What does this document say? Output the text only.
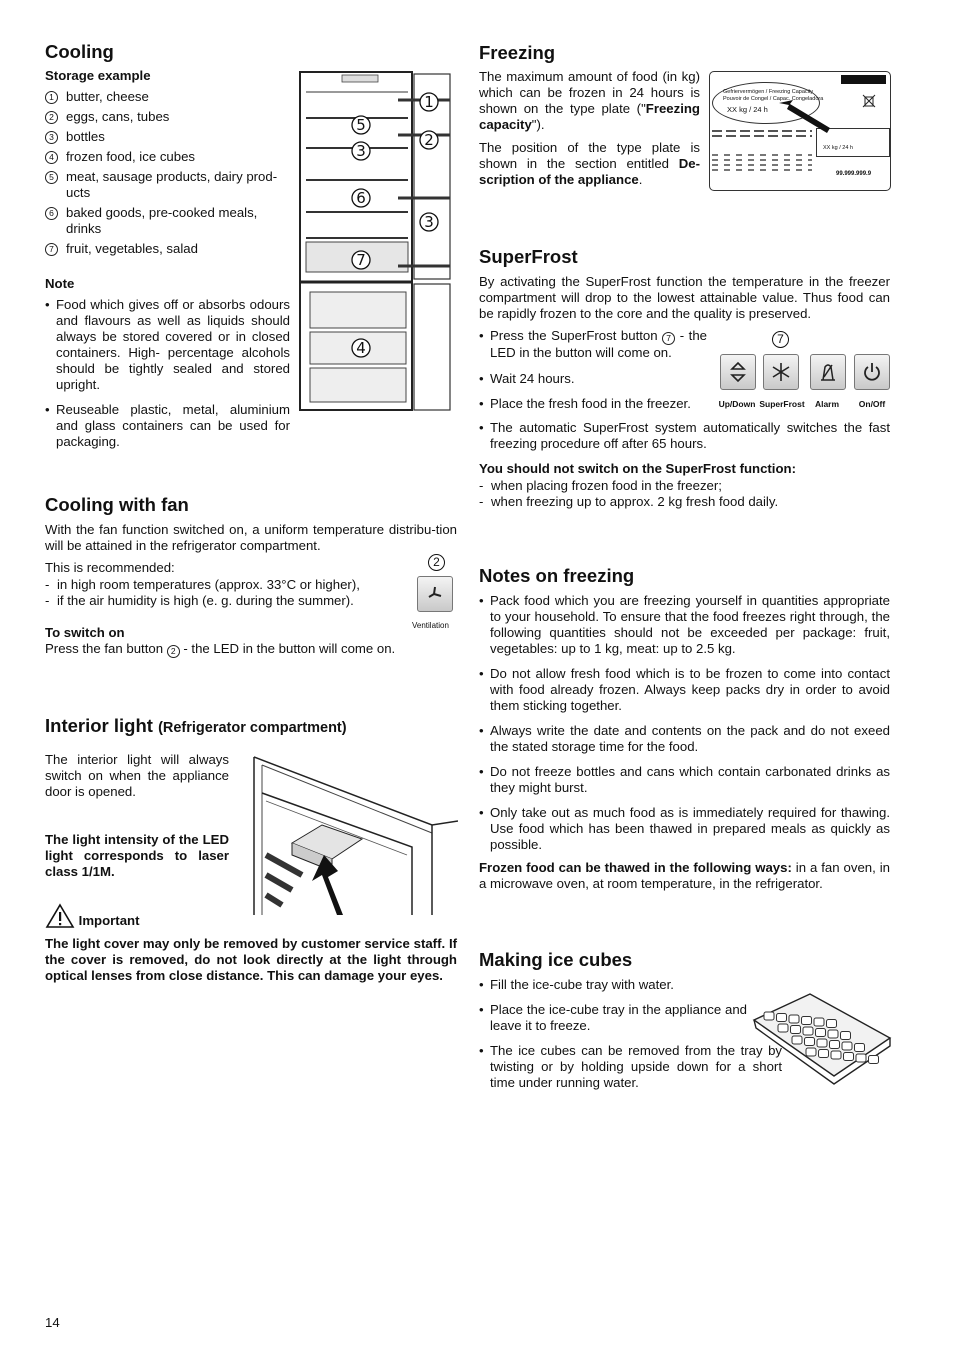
Cooling
Storage example
1 butter, cheese
2 eggs, cans, tubes
3 bottles
4 frozen food, ice cubes
5 meat, sausage products, dairy prod-ucts
6 baked goods, pre-cooked meals, drinks
7 fruit, vegetables, salad
Note
• Food which gives off or absorbs odours and flavours as well as liquids should always be stored covered or in closed containers. High- percentage alcohols should be tightly sealed and stored upright.
• Reuseable plastic, metal, aluminium and glass containers can be used for packaging.
1
5
2
3
6
3
7
4
Cooling with fan

With the fan function switched on, a uniform temperature distribu-tion will be attained in the refrigerator compartment.

This is recommended:

- in high room temperatures (approx. 33°C or higher),
- if the air humidity is high (e. g. during the summer).
To switch on

Press the fan button 2 - the LED in the button will come on.

2
Ventilation
Interior light (Refrigerator compartment)

The interior light will always switch on when the appliance door is opened.

The light intensity of the LED light corresponds to laser class 1/1M.

Important

The light cover may only be removed by customer service staff. If the cover is removed, do not look directly at the light through optical lenses from close distance. This can damage your eyes.

Freezing

The maximum amount of food (in kg) which can be frozen in 24 hours is shown on the type plate ("Freezing capacity").

The position of the type plate is shown in the section entitled De-scription of the appliance.

Gefriervermögen / Freezing Capacity
Pouvoir de Congel / Capac. Congeladora
XX kg / 24 h
XX kg / 24 h
99.999.999.9
SuperFrost

By activating the SuperFrost function the temperature in the freezer compartment will drop to the lowest attainable value. Thus food can be rapidly frozen to the core and the quality is preserved.

• Press the SuperFrost button 7 - the LED in the button will come on.
• Wait 24 hours.
• Place the fresh food in the freezer.
• The automatic SuperFrost system automatically switches the fast freezing procedure off after 65 hours.
7
Up/Down SuperFrost	Alarm	On/Off
You should not switch on the SuperFrost function:
- when placing frozen food in the freezer;
- when freezing up to approx. 2 kg fresh food daily.
Notes on freezing
• Pack food which you are freezing yourself in quantities appropriate to your household. To ensure that the food freezes right through, the following quantities should not be exceeded per package: fruit, vegetables: up to 1 kg, meat: up to 2.5 kg.
• Do not allow fresh food which is to be frozen to come into contact with food already frozen. Always keep packs dry in order to avoid them sticking together.
• Always write the date and contents on the pack and do not exeed the stated storage time for the food.
• Do not freeze bottles and cans which contain carbonated drinks as they might burst.
• Only take out as much food as is immediately required for thawing. Use food which has been thawed in prepared meals as quickly as possible.

Frozen food can be thawed in the following ways: in a fan oven, in a microwave oven, at room temperature, in the refrigerator.

Making ice cubes
• Fill the ice-cube tray with water.
• Place the ice-cube tray in the appliance and leave it to freeze.
• The ice cubes can be removed from the tray by twisting or by holding upside down for a short time under running water.
14
